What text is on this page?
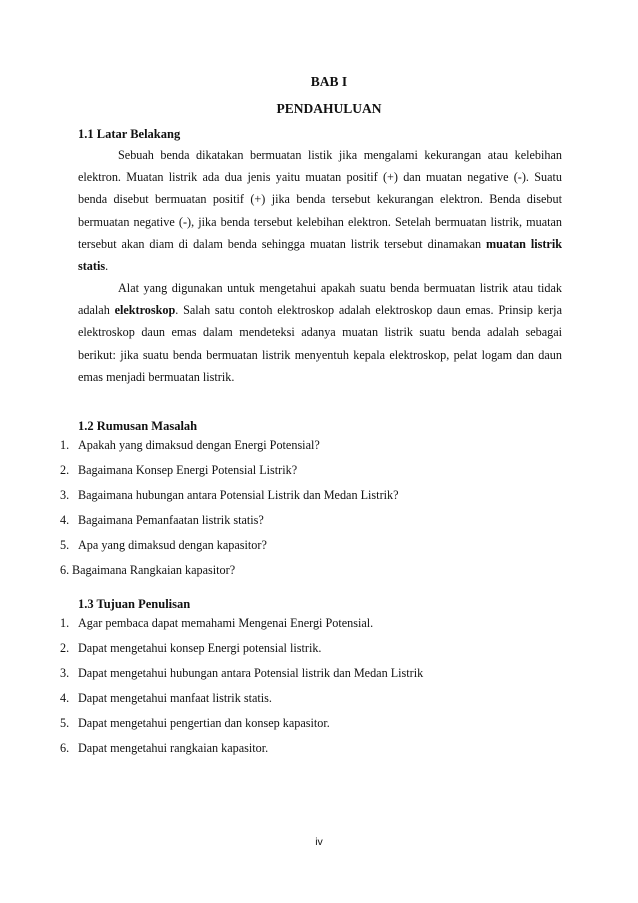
BAB I
PENDAHULUAN
1.1 Latar Belakang

Sebuah benda dikatakan bermuatan listik jika mengalami kekurangan atau kelebihan elektron. Muatan listrik ada dua jenis yaitu muatan positif (+) dan muatan negative (-). Suatu benda disebut bermuatan positif (+) jika benda tersebut kekurangan elektron. Benda disebut bermuatan negative (-), jika benda tersebut kelebihan elektron. Setelah bermuatan listrik, muatan tersebut akan diam di dalam benda sehingga muatan listrik tersebut dinamakan muatan listrik statis.

Alat yang digunakan untuk mengetahui apakah suatu benda bermuatan listrik atau tidak adalah elektroskop. Salah satu contoh elektroskop adalah elektroskop daun emas. Prinsip kerja elektroskop daun emas dalam mendeteksi adanya muatan listrik suatu benda adalah sebagai berikut: jika suatu benda bermuatan listrik menyentuh kepala elektroskop, pelat logam dan daun emas menjadi bermuatan listrik.

1.2 Rumusan Masalah
1. Apakah yang dimaksud dengan Energi Potensial?
2. Bagaimana Konsep Energi Potensial Listrik?
3. Bagaimana hubungan antara Potensial Listrik dan Medan Listrik?
4. Bagaimana Pemanfaatan listrik statis?
5. Apa yang dimaksud dengan kapasitor?
6. Bagaimana Rangkaian kapasitor?
1.3 Tujuan Penulisan
1. Agar pembaca dapat memahami Mengenai Energi Potensial.
2. Dapat mengetahui konsep Energi potensial listrik.
3. Dapat mengetahui hubungan antara Potensial listrik dan Medan Listrik
4. Dapat mengetahui manfaat listrik statis.
5. Dapat mengetahui pengertian dan konsep kapasitor.
6. Dapat mengetahui rangkaian kapasitor.
iv
